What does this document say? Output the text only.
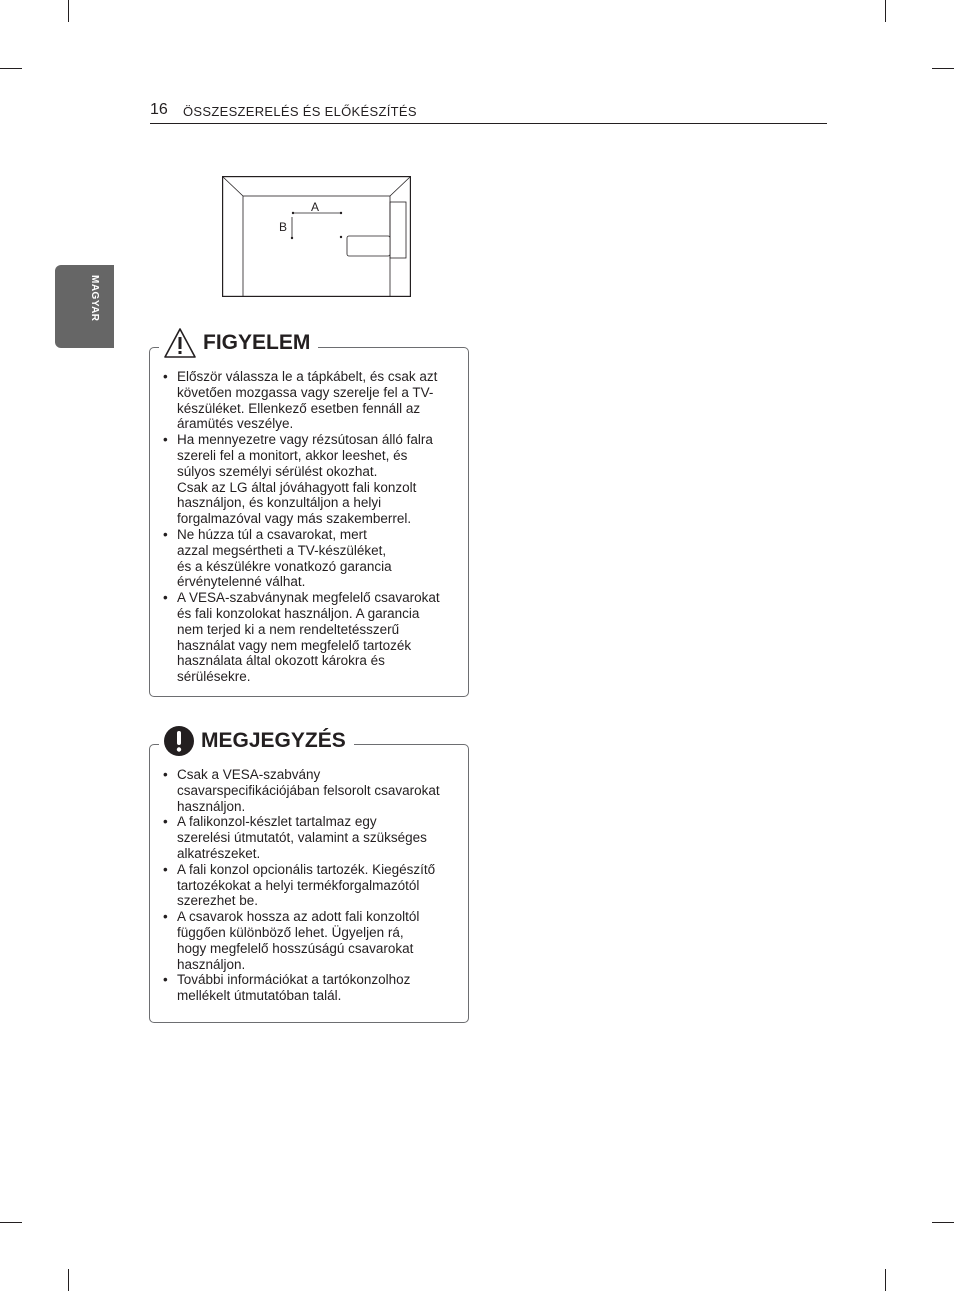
16 ÖSSZESZERELÉS ÉS ELŐKÉSZÍTÉS
MAGYAR
A
B
FIGYELEM
• Először válassza le a tápkábelt, és csak azt
követően mozgassa vagy szerelje fel a TV-
készüléket. Ellenkező esetben fennáll az
áramütés veszélye.
• Ha mennyezetre vagy rézsútosan álló falra
szereli fel a monitort, akkor leeshet, és
súlyos személyi sérülést okozhat.
Csak az LG által jóváhagyott fali konzolt
használjon, és konzultáljon a helyi
forgalmazóval vagy más szakemberrel.
• Ne húzza túl a csavarokat, mert
azzal megsértheti a TV-készüléket,
és a készülékre vonatkozó garancia
érvénytelenné válhat.
• A VESA-szabványnak megfelelő csavarokat
és fali konzolokat használjon. A garancia
nem terjed ki a nem rendeltetésszerű
használat vagy nem megfelelő tartozék
használata által okozott károkra és
sérülésekre.
MEGJEGYZÉS
• Csak a VESA-szabvány
csavarspecifikációjában felsorolt csavarokat
használjon.
• A falikonzol-készlet tartalmaz egy
szerelési útmutatót, valamint a szükséges
alkatrészeket.
• A fali konzol opcionális tartozék. Kiegészítő
tartozékokat a helyi termékforgalmazótól
szerezhet be.
• A csavarok hossza az adott fali konzoltól
függően különböző lehet. Ügyeljen rá,
hogy megfelelő hosszúságú csavarokat
használjon.
• További információkat a tartókonzolhoz
mellékelt útmutatóban talál.
